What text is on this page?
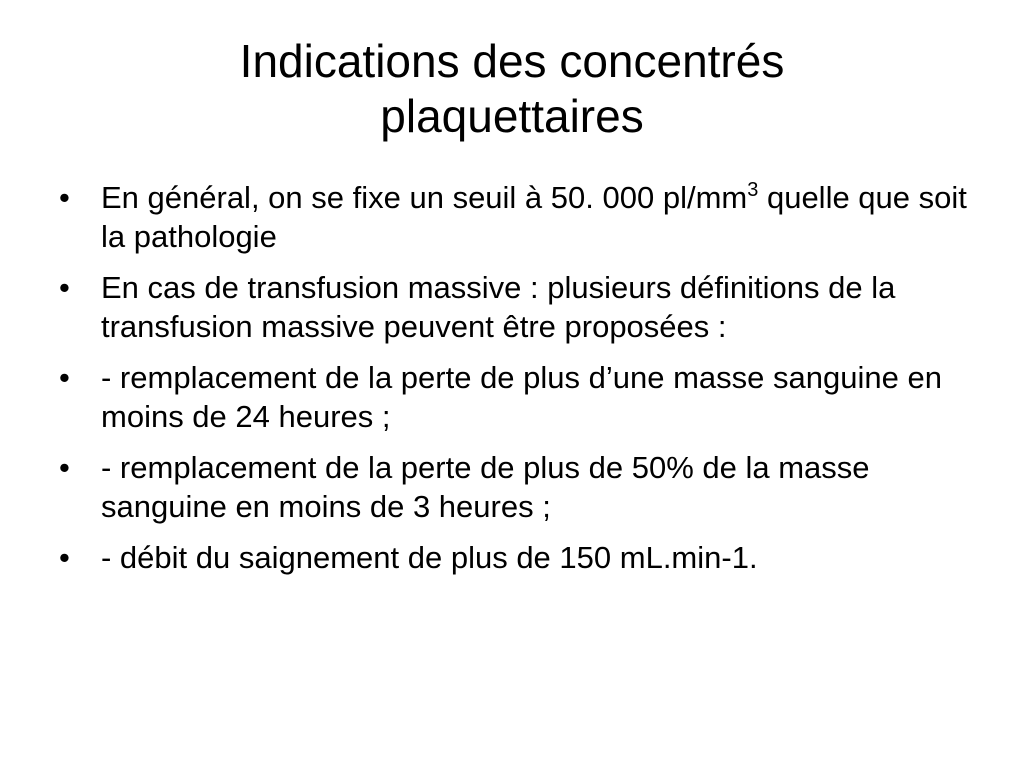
Indications des concentrés
plaquettaires
• En général, on se fixe un seuil à 50. 000 $pl/mm^3$ quelle que soit la pathologie
• En cas de transfusion massive : plusieurs définitions de la transfusion massive peuvent être proposées :
• - remplacement de la perte de plus d’une masse sanguine en moins de 24 heures ;
• - remplacement de la perte de plus de 50% de la masse sanguine en moins de 3 heures ;
• - débit du saignement de plus de 150 mL.min-1.
